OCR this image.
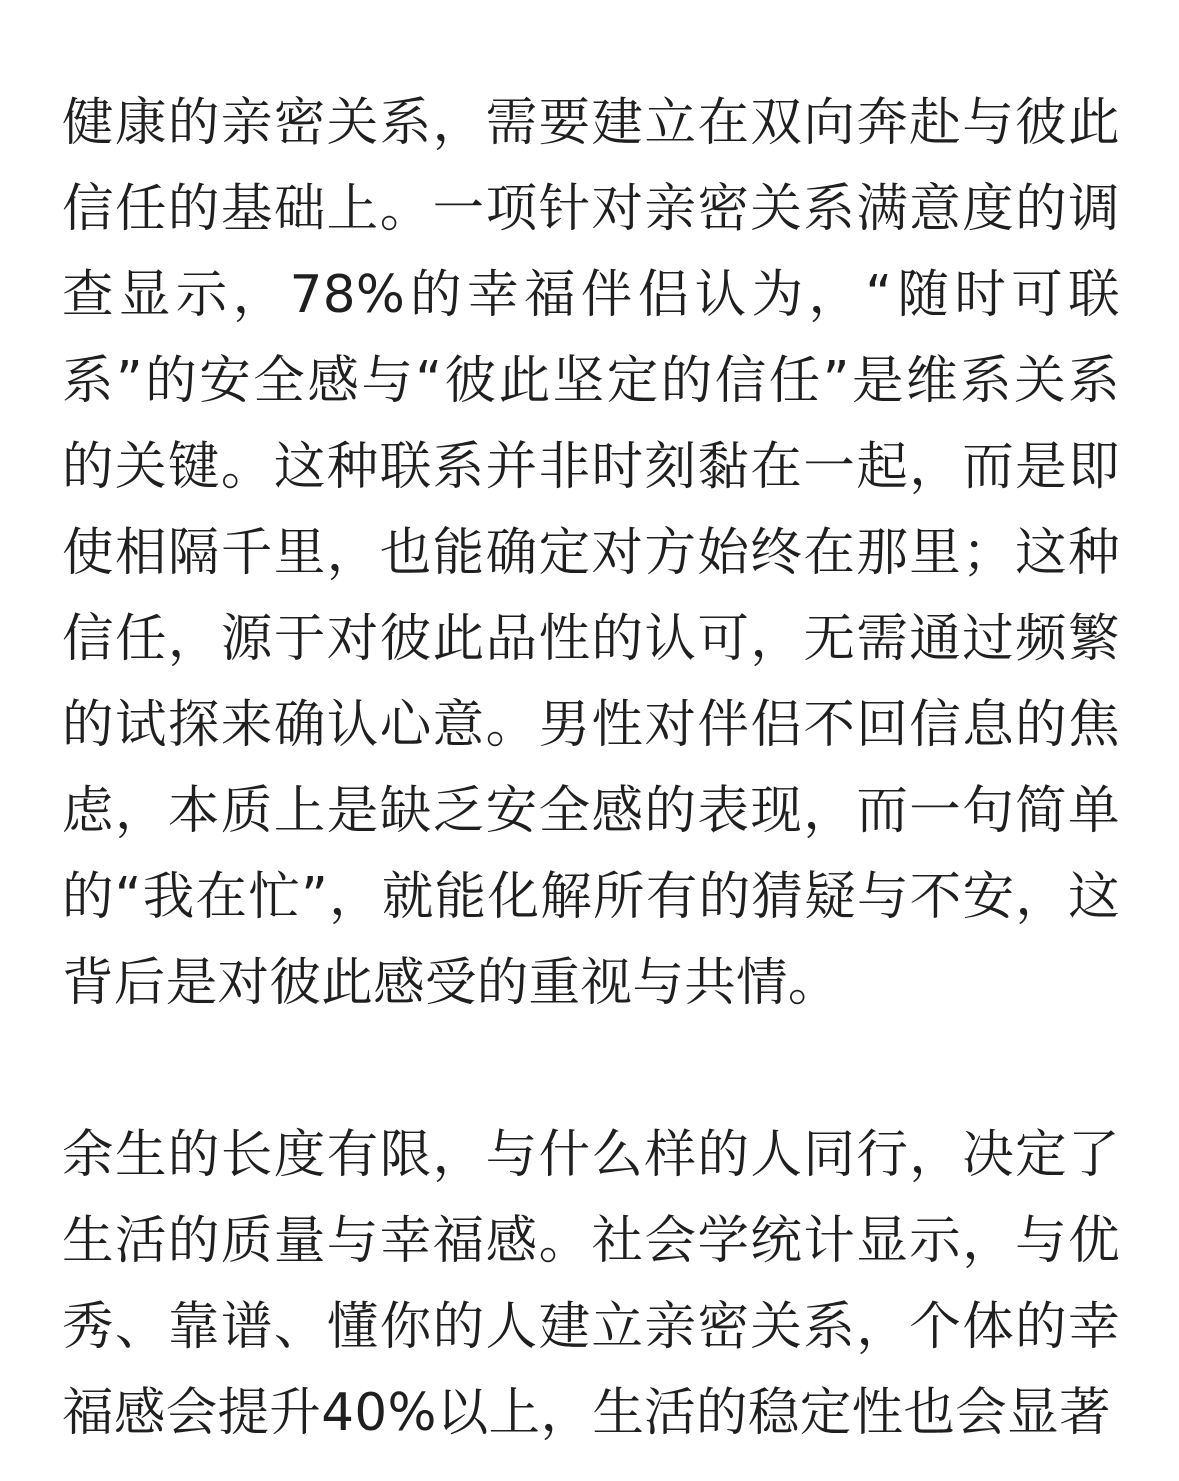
健康的亲密关系，需要建立在双向奔赴与彼此信任的基础上。一项针对亲密关系满意度的调查显示，78%的幸福伴侣认为，“随时可联系”的安全感与“彼此坚定的信任”是维系关系的关键。这种联系并非时刻黏在一起，而是即使相隔千里，也能确定对方始终在那里；这种信任，源于对彼此品性的认可，无需通过频繁的试探来确认心意。男性对伴侣不回信息的焦虑，本质上是缺乏安全感的表现，而一句简单的“我在忙”，就能化解所有的猜疑与不安，这背后是对彼此感受的重视与共情。

余生的长度有限，与什么样的人同行，决定了生活的质量与幸福感。社会学统计显示，与优秀、靠谱、懂你的人建立亲密关系，个体的幸福感会提升40%以上，生活的稳定性也会显著
